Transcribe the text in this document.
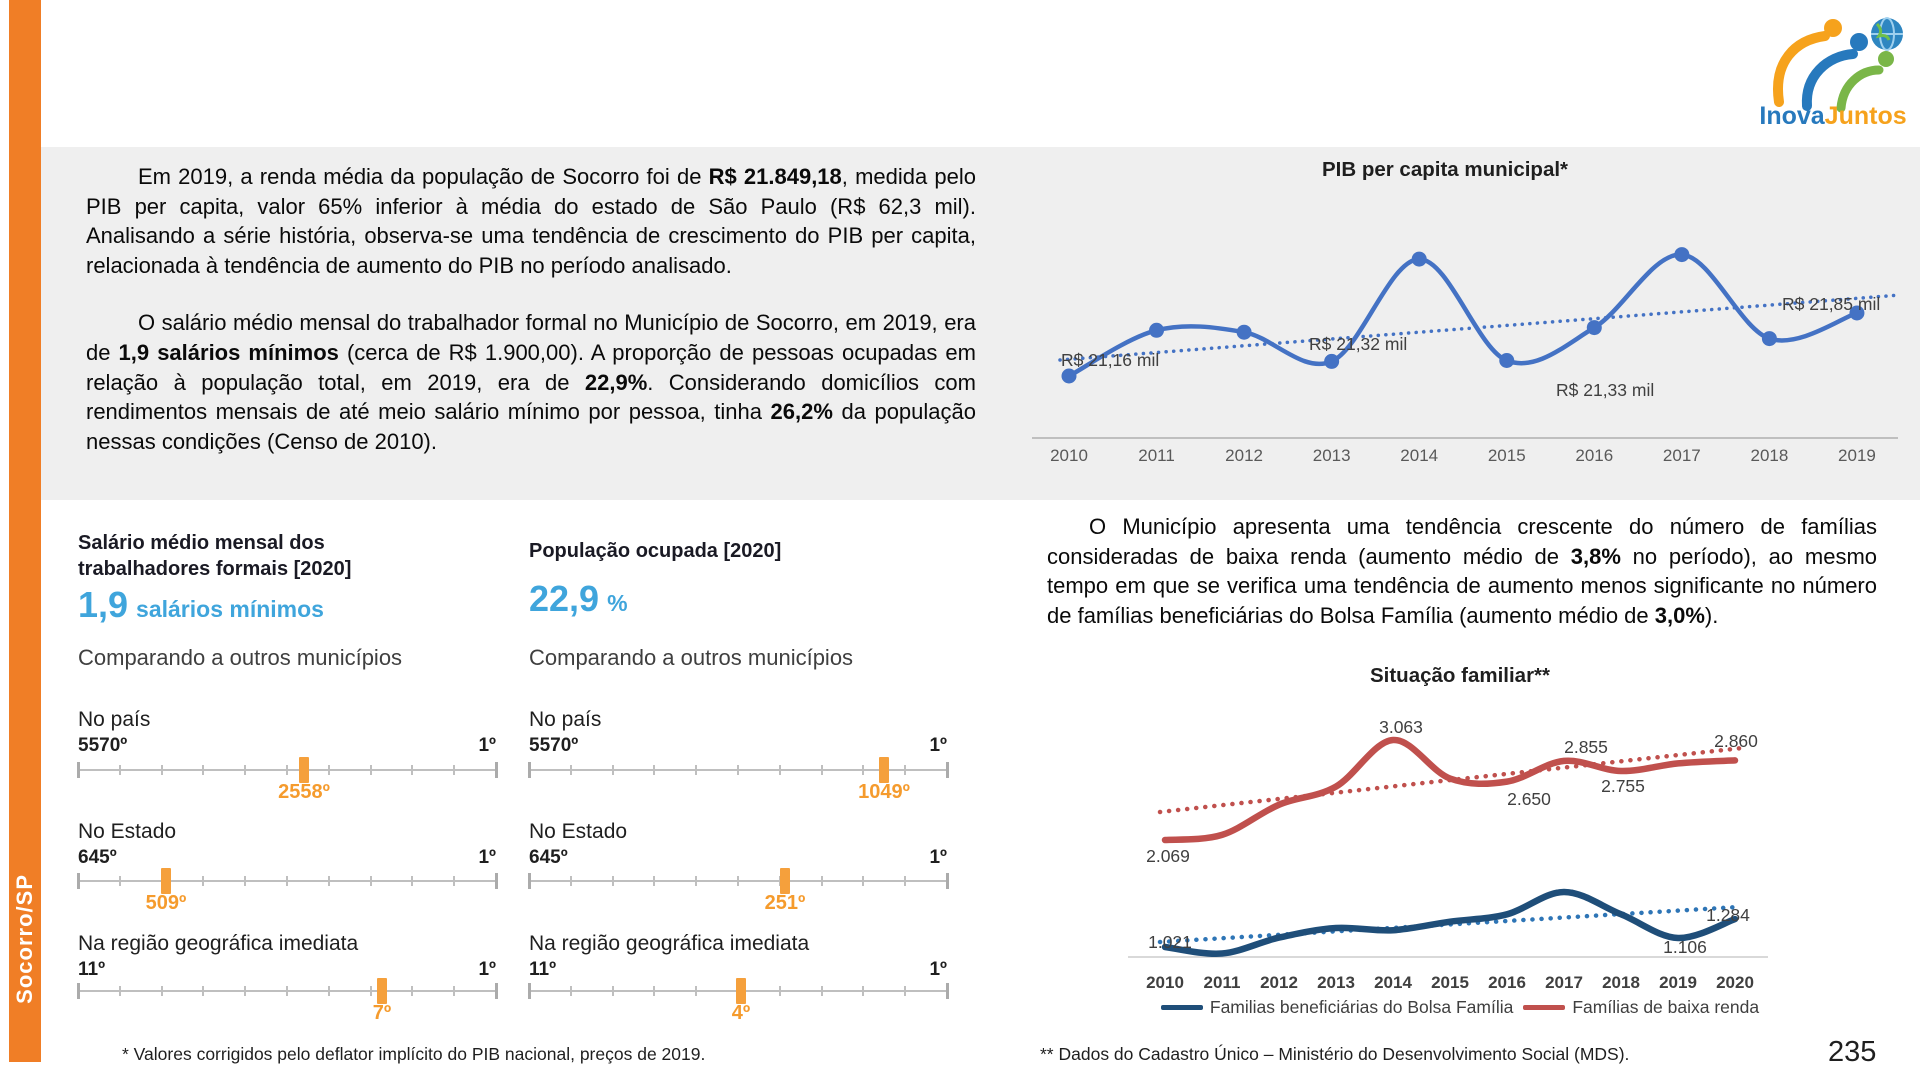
Socorro/SP
InovaJuntos

Em 2019, a renda média da população de Socorro foi de R$ 21.849,18, medida pelo PIB per capita, valor 65% inferior à média do estado de São Paulo (R$ 62,3 mil). Analisando a série história, observa-se uma tendência de crescimento do PIB per capita, relacionada à tendência de aumento do PIB no período analisado.

O salário médio mensal do trabalhador formal no Município de Socorro, em 2019, era de 1,9 salários mínimos (cerca de R$ 1.900,00). A proporção de pessoas ocupadas em relação à população total, em 2019, era de 22,9%. Considerando domicílios com rendimentos mensais de até meio salário mínimo por pessoa, tinha 26,2% da população nessas condições (Censo de 2010).

PIB per capita municipal*
2010	2011	2012	2013	2014	2015	2016	2017	2018	2019
R$ 21,16 mil
R$ 21,32 mil
R$ 21,33 mil
R$ 21,85 mil

O Município apresenta uma tendência crescente do número de famílias consideradas de baixa renda (aumento médio de 3,8% no período), ao mesmo tempo em que se verifica uma tendência de aumento menos significante no número de famílias beneficiárias do Bolsa Família (aumento médio de 3,0%).

Situação familiar**
1.021	1.106
1.284
2.069
3.063
2.650
2.855
2.755
2.860
2010 2011 2012 2013 2014 2015 2016 2017 2018 2019 2020
Familias beneficiárias do Bolsa Família	Famílias de baixa renda
Salário médio mensal dos trabalhadores formais [2020]
1,9 salários mínimos
Comparando a outros municípios
No país
5570º	1º
2558º
No Estado
645º	1º
509º
Na região geográfica imediata
11º	1º
7º
População ocupada [2020]
22,9 %
Comparando a outros municípios
No país
5570º	1º
1049º
No Estado
645º	1º
251º
Na região geográfica imediata
11º	1º
4º
* Valores corrigidos pelo deflator implícito do PIB nacional, preços de 2019.	** Dados do Cadastro Único – Ministério do Desenvolvimento Social (MDS).	235
